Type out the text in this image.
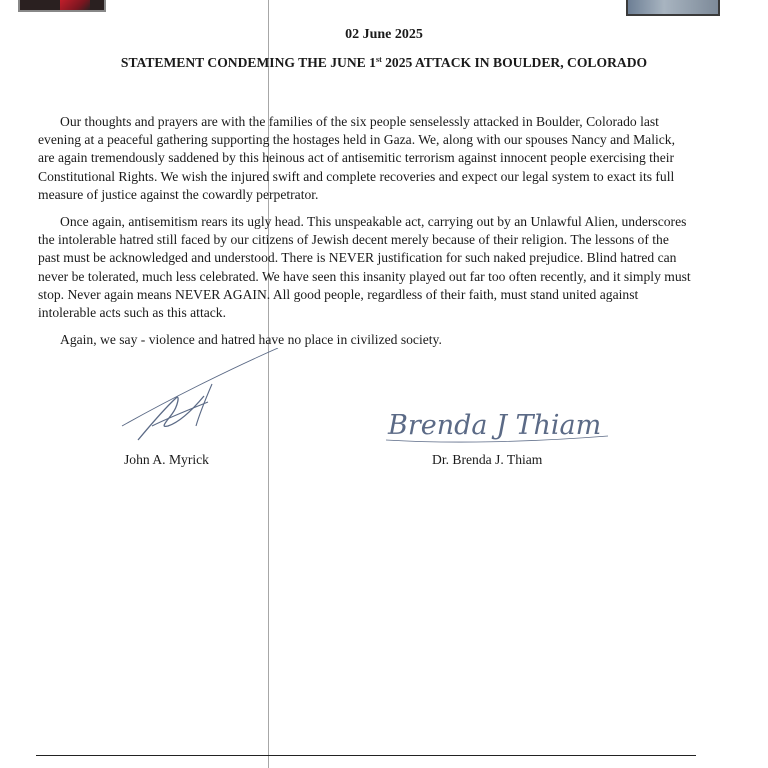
02 June 2025
STATEMENT CONDEMING THE JUNE 1st 2025 ATTACK IN BOULDER, COLORADO

Our thoughts and prayers are with the families of the six people senselessly attacked in Boulder, Colorado last evening at a peaceful gathering supporting the hostages held in Gaza. We, along with our spouses Nancy and Malick, are again tremendously saddened by this heinous act of antisemitic terrorism against innocent people exercising their Constitutional Rights. We wish the injured swift and complete recoveries and expect our legal system to exact its full measure of justice against the cowardly perpetrator.

Once again, antisemitism rears its ugly head. This unspeakable act, carrying out by an Unlawful Alien, underscores the intolerable hatred still faced by our citizens of Jewish decent merely because of their religion. The lessons of the past must be acknowledged and understood. There is NEVER justification for such naked prejudice. Blind hatred can never be tolerated, much less celebrated. We have seen this insanity played out far too often recently, and it simply must stop. Never again means NEVER AGAIN. All good people, regardless of their faith, must stand united against intolerable acts such as this attack.

Again, we say - violence and hatred have no place in civilized society.

Brenda J Thiam
John A. Myrick	Dr. Brenda J. Thiam
